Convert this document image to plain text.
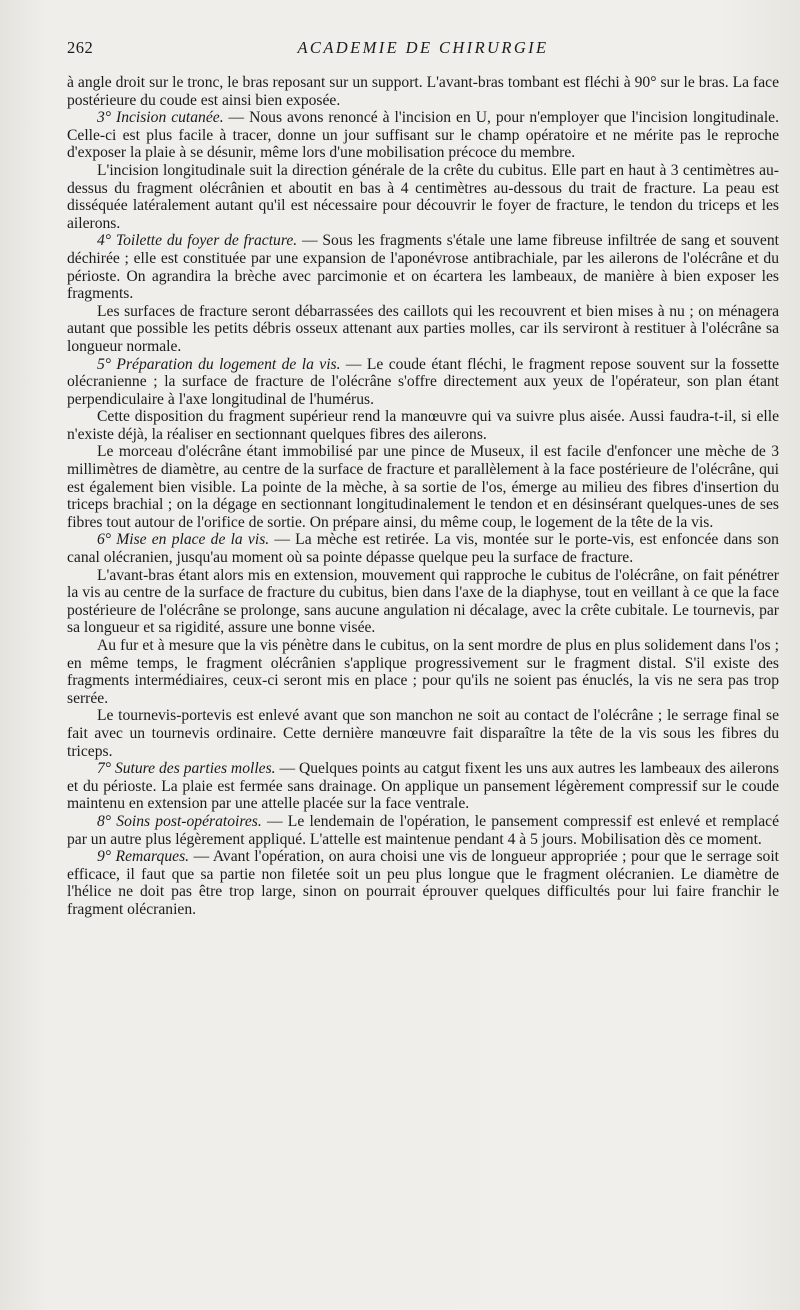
262	ACADEMIE DE CHIRURGIE

à angle droit sur le tronc, le bras reposant sur un support. L'avant-bras tombant est fléchi à 90° sur le bras. La face postérieure du coude est ainsi bien exposée.

3° Incision cutanée. — Nous avons renoncé à l'incision en U, pour n'employer que l'incision longitudinale. Celle-ci est plus facile à tracer, donne un jour suffisant sur le champ opératoire et ne mérite pas le reproche d'exposer la plaie à se désunir, même lors d'une mobilisation précoce du membre.

L'incision longitudinale suit la direction générale de la crête du cubitus. Elle part en haut à 3 centimètres au-dessus du fragment olécrânien et aboutit en bas à 4 centimètres au-dessous du trait de fracture. La peau est disséquée latéralement autant qu'il est nécessaire pour découvrir le foyer de fracture, le tendon du triceps et les ailerons.

4° Toilette du foyer de fracture. — Sous les fragments s'étale une lame fibreuse infiltrée de sang et souvent déchirée ; elle est constituée par une expansion de l'aponévrose antibrachiale, par les ailerons de l'olécrâne et du périoste. On agrandira la brèche avec parcimonie et on écartera les lambeaux, de manière à bien exposer les fragments.

Les surfaces de fracture seront débarrassées des caillots qui les recouvrent et bien mises à nu ; on ménagera autant que possible les petits débris osseux attenant aux parties molles, car ils serviront à restituer à l'olécrâne sa longueur normale.

5° Préparation du logement de la vis. — Le coude étant fléchi, le fragment repose souvent sur la fossette olécranienne ; la surface de fracture de l'olécrâne s'offre directement aux yeux de l'opérateur, son plan étant perpendiculaire à l'axe longitudinal de l'humérus.

Cette disposition du fragment supérieur rend la manœuvre qui va suivre plus aisée. Aussi faudra-t-il, si elle n'existe déjà, la réaliser en sectionnant quelques fibres des ailerons.

Le morceau d'olécrâne étant immobilisé par une pince de Museux, il est facile d'enfoncer une mèche de 3 millimètres de diamètre, au centre de la surface de fracture et parallèlement à la face postérieure de l'olécrâne, qui est également bien visible. La pointe de la mèche, à sa sortie de l'os, émerge au milieu des fibres d'insertion du triceps brachial ; on la dégage en sectionnant longitudinalement le tendon et en désinsérant quelques-unes de ses fibres tout autour de l'orifice de sortie. On prépare ainsi, du même coup, le logement de la tête de la vis.

6° Mise en place de la vis. — La mèche est retirée. La vis, montée sur le porte-vis, est enfoncée dans son canal olécranien, jusqu'au moment où sa pointe dépasse quelque peu la surface de fracture.

L'avant-bras étant alors mis en extension, mouvement qui rapproche le cubitus de l'olécrâne, on fait pénétrer la vis au centre de la surface de fracture du cubitus, bien dans l'axe de la diaphyse, tout en veillant à ce que la face postérieure de l'olécrâne se prolonge, sans aucune angulation ni décalage, avec la crête cubitale. Le tournevis, par sa longueur et sa rigidité, assure une bonne visée.

Au fur et à mesure que la vis pénètre dans le cubitus, on la sent mordre de plus en plus solidement dans l'os ; en même temps, le fragment olécrânien s'applique progressivement sur le fragment distal. S'il existe des fragments intermédiaires, ceux-ci seront mis en place ; pour qu'ils ne soient pas énuclés, la vis ne sera pas trop serrée.

Le tournevis-portevis est enlevé avant que son manchon ne soit au contact de l'olécrâne ; le serrage final se fait avec un tournevis ordinaire. Cette dernière manœuvre fait disparaître la tête de la vis sous les fibres du triceps.

7° Suture des parties molles. — Quelques points au catgut fixent les uns aux autres les lambeaux des ailerons et du périoste. La plaie est fermée sans drainage. On applique un pansement légèrement compressif sur le coude maintenu en extension par une attelle placée sur la face ventrale.

8° Soins post-opératoires. — Le lendemain de l'opération, le pansement compressif est enlevé et remplacé par un autre plus légèrement appliqué. L'attelle est maintenue pendant 4 à 5 jours. Mobilisation dès ce moment.

9° Remarques. — Avant l'opération, on aura choisi une vis de longueur appropriée ; pour que le serrage soit efficace, il faut que sa partie non filetée soit un peu plus longue que le fragment olécranien. Le diamètre de l'hélice ne doit pas être trop large, sinon on pourrait éprouver quelques difficultés pour lui faire franchir le fragment olécranien.
